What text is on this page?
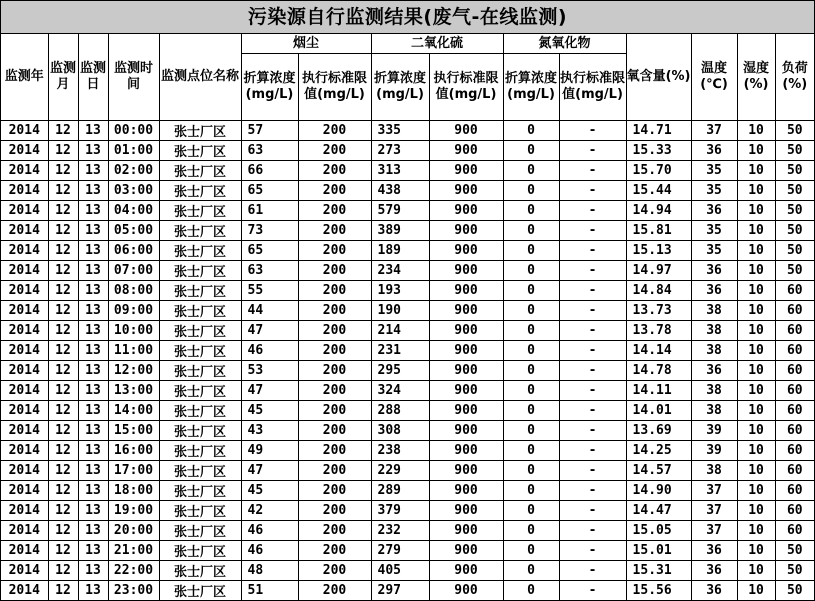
污染源自行监测结果(废气-在线监测)
监测年	监测月	监测日	监测时间	监测点位名称	烟尘		二氧化硫		氮氧化物		氧含量(%)	温度(℃)	湿度(%)	负荷(%)
					折算浓度(mg/L)	执行标准限值(mg/L)	折算浓度(mg/L)	执行标准限值(mg/L)	折算浓度(mg/L)	执行标准限值(mg/L)				
2014	12	13	00:00	张士厂区	57	200	335	900	0	-	14.71	37	10	50
2014	12	13	01:00	张士厂区	63	200	273	900	0	-	15.33	36	10	50
2014	12	13	02:00	张士厂区	66	200	313	900	0	-	15.70	35	10	50
2014	12	13	03:00	张士厂区	65	200	438	900	0	-	15.44	35	10	50
2014	12	13	04:00	张士厂区	61	200	579	900	0	-	14.94	36	10	50
2014	12	13	05:00	张士厂区	73	200	389	900	0	-	15.81	35	10	50
2014	12	13	06:00	张士厂区	65	200	189	900	0	-	15.13	35	10	50
2014	12	13	07:00	张士厂区	63	200	234	900	0	-	14.97	36	10	50
2014	12	13	08:00	张士厂区	55	200	193	900	0	-	14.84	36	10	60
2014	12	13	09:00	张士厂区	44	200	190	900	0	-	13.73	38	10	60
2014	12	13	10:00	张士厂区	47	200	214	900	0	-	13.78	38	10	60
2014	12	13	11:00	张士厂区	46	200	231	900	0	-	14.14	38	10	60
2014	12	13	12:00	张士厂区	53	200	295	900	0	-	14.78	36	10	60
2014	12	13	13:00	张士厂区	47	200	324	900	0	-	14.11	38	10	60
2014	12	13	14:00	张士厂区	45	200	288	900	0	-	14.01	38	10	60
2014	12	13	15:00	张士厂区	43	200	308	900	0	-	13.69	39	10	60
2014	12	13	16:00	张士厂区	49	200	238	900	0	-	14.25	39	10	60
2014	12	13	17:00	张士厂区	47	200	229	900	0	-	14.57	38	10	60
2014	12	13	18:00	张士厂区	45	200	289	900	0	-	14.90	37	10	60
2014	12	13	19:00	张士厂区	42	200	379	900	0	-	14.47	37	10	60
2014	12	13	20:00	张士厂区	46	200	232	900	0	-	15.05	37	10	60
2014	12	13	21:00	张士厂区	46	200	279	900	0	-	15.01	36	10	50
2014	12	13	22:00	张士厂区	48	200	405	900	0	-	15.31	36	10	50
2014	12	13	23:00	张士厂区	51	200	297	900	0	-	15.56	36	10	50
